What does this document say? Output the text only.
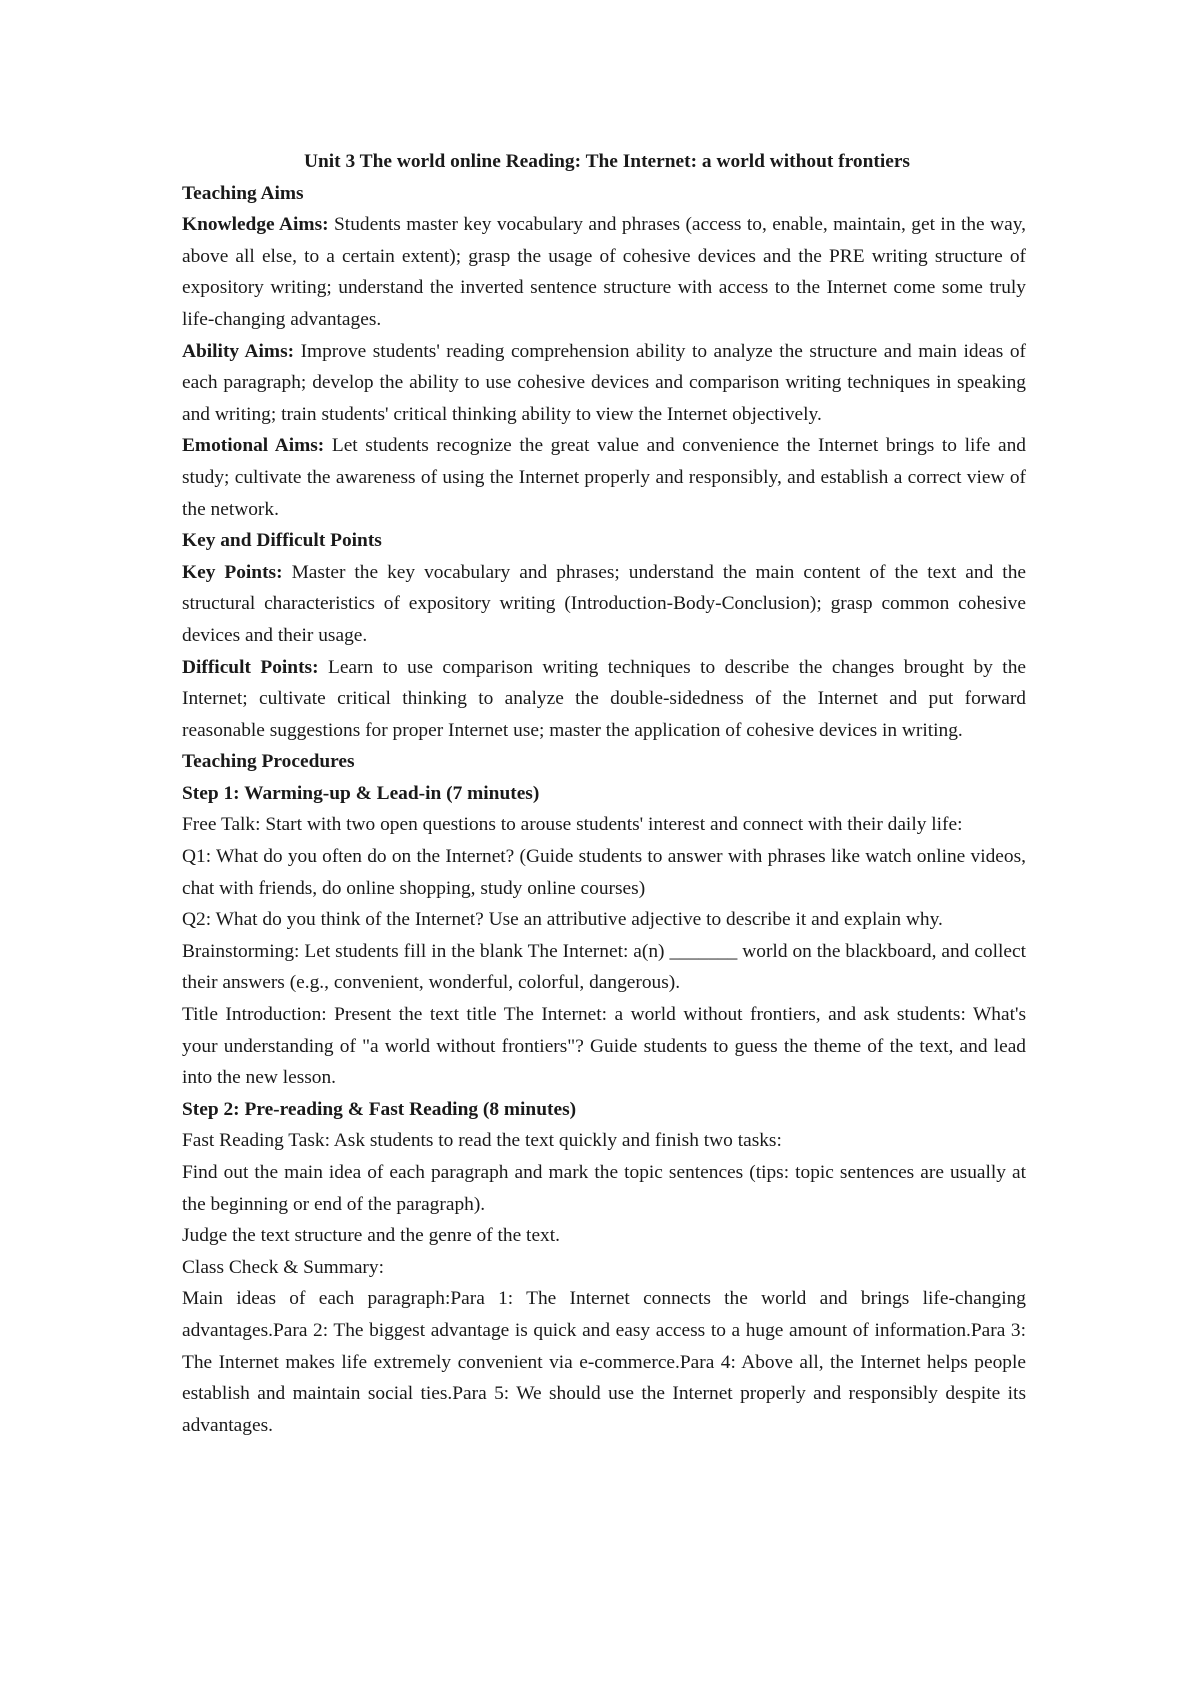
Unit 3 The world online Reading: The Internet: a world without frontiers

Teaching Aims

Knowledge Aims: Students master key vocabulary and phrases (access to, enable, maintain, get in the way, above all else, to a certain extent); grasp the usage of cohesive devices and the PRE writing structure of expository writing; understand the inverted sentence structure with access to the Internet come some truly life-changing advantages.

Ability Aims: Improve students' reading comprehension ability to analyze the structure and main ideas of each paragraph; develop the ability to use cohesive devices and comparison writing techniques in speaking and writing; train students' critical thinking ability to view the Internet objectively.

Emotional Aims: Let students recognize the great value and convenience the Internet brings to life and study; cultivate the awareness of using the Internet properly and responsibly, and establish a correct view of the network.

Key and Difficult Points

Key Points: Master the key vocabulary and phrases; understand the main content of the text and the structural characteristics of expository writing (Introduction-Body-Conclusion); grasp common cohesive devices and their usage.

Difficult Points: Learn to use comparison writing techniques to describe the changes brought by the Internet; cultivate critical thinking to analyze the double-sidedness of the Internet and put forward reasonable suggestions for proper Internet use; master the application of cohesive devices in writing.

Teaching Procedures

Step 1: Warming-up & Lead-in (7 minutes)

Free Talk: Start with two open questions to arouse students' interest and connect with their daily life:

Q1: What do you often do on the Internet? (Guide students to answer with phrases like watch online videos, chat with friends, do online shopping, study online courses)

Q2: What do you think of the Internet? Use an attributive adjective to describe it and explain why.

Brainstorming: Let students fill in the blank The Internet: a(n) _______ world on the blackboard, and collect their answers (e.g., convenient, wonderful, colorful, dangerous).

Title Introduction: Present the text title The Internet: a world without frontiers, and ask students: What's your understanding of "a world without frontiers"? Guide students to guess the theme of the text, and lead into the new lesson.

Step 2: Pre-reading & Fast Reading (8 minutes)

Fast Reading Task: Ask students to read the text quickly and finish two tasks:

Find out the main idea of each paragraph and mark the topic sentences (tips: topic sentences are usually at the beginning or end of the paragraph).

Judge the text structure and the genre of the text.

Class Check & Summary:

Main ideas of each paragraph:Para 1: The Internet connects the world and brings life-changing advantages.Para 2: The biggest advantage is quick and easy access to a huge amount of information.Para 3: The Internet makes life extremely convenient via e-commerce.Para 4: Above all, the Internet helps people establish and maintain social ties.Para 5: We should use the Internet properly and responsibly despite its advantages.
